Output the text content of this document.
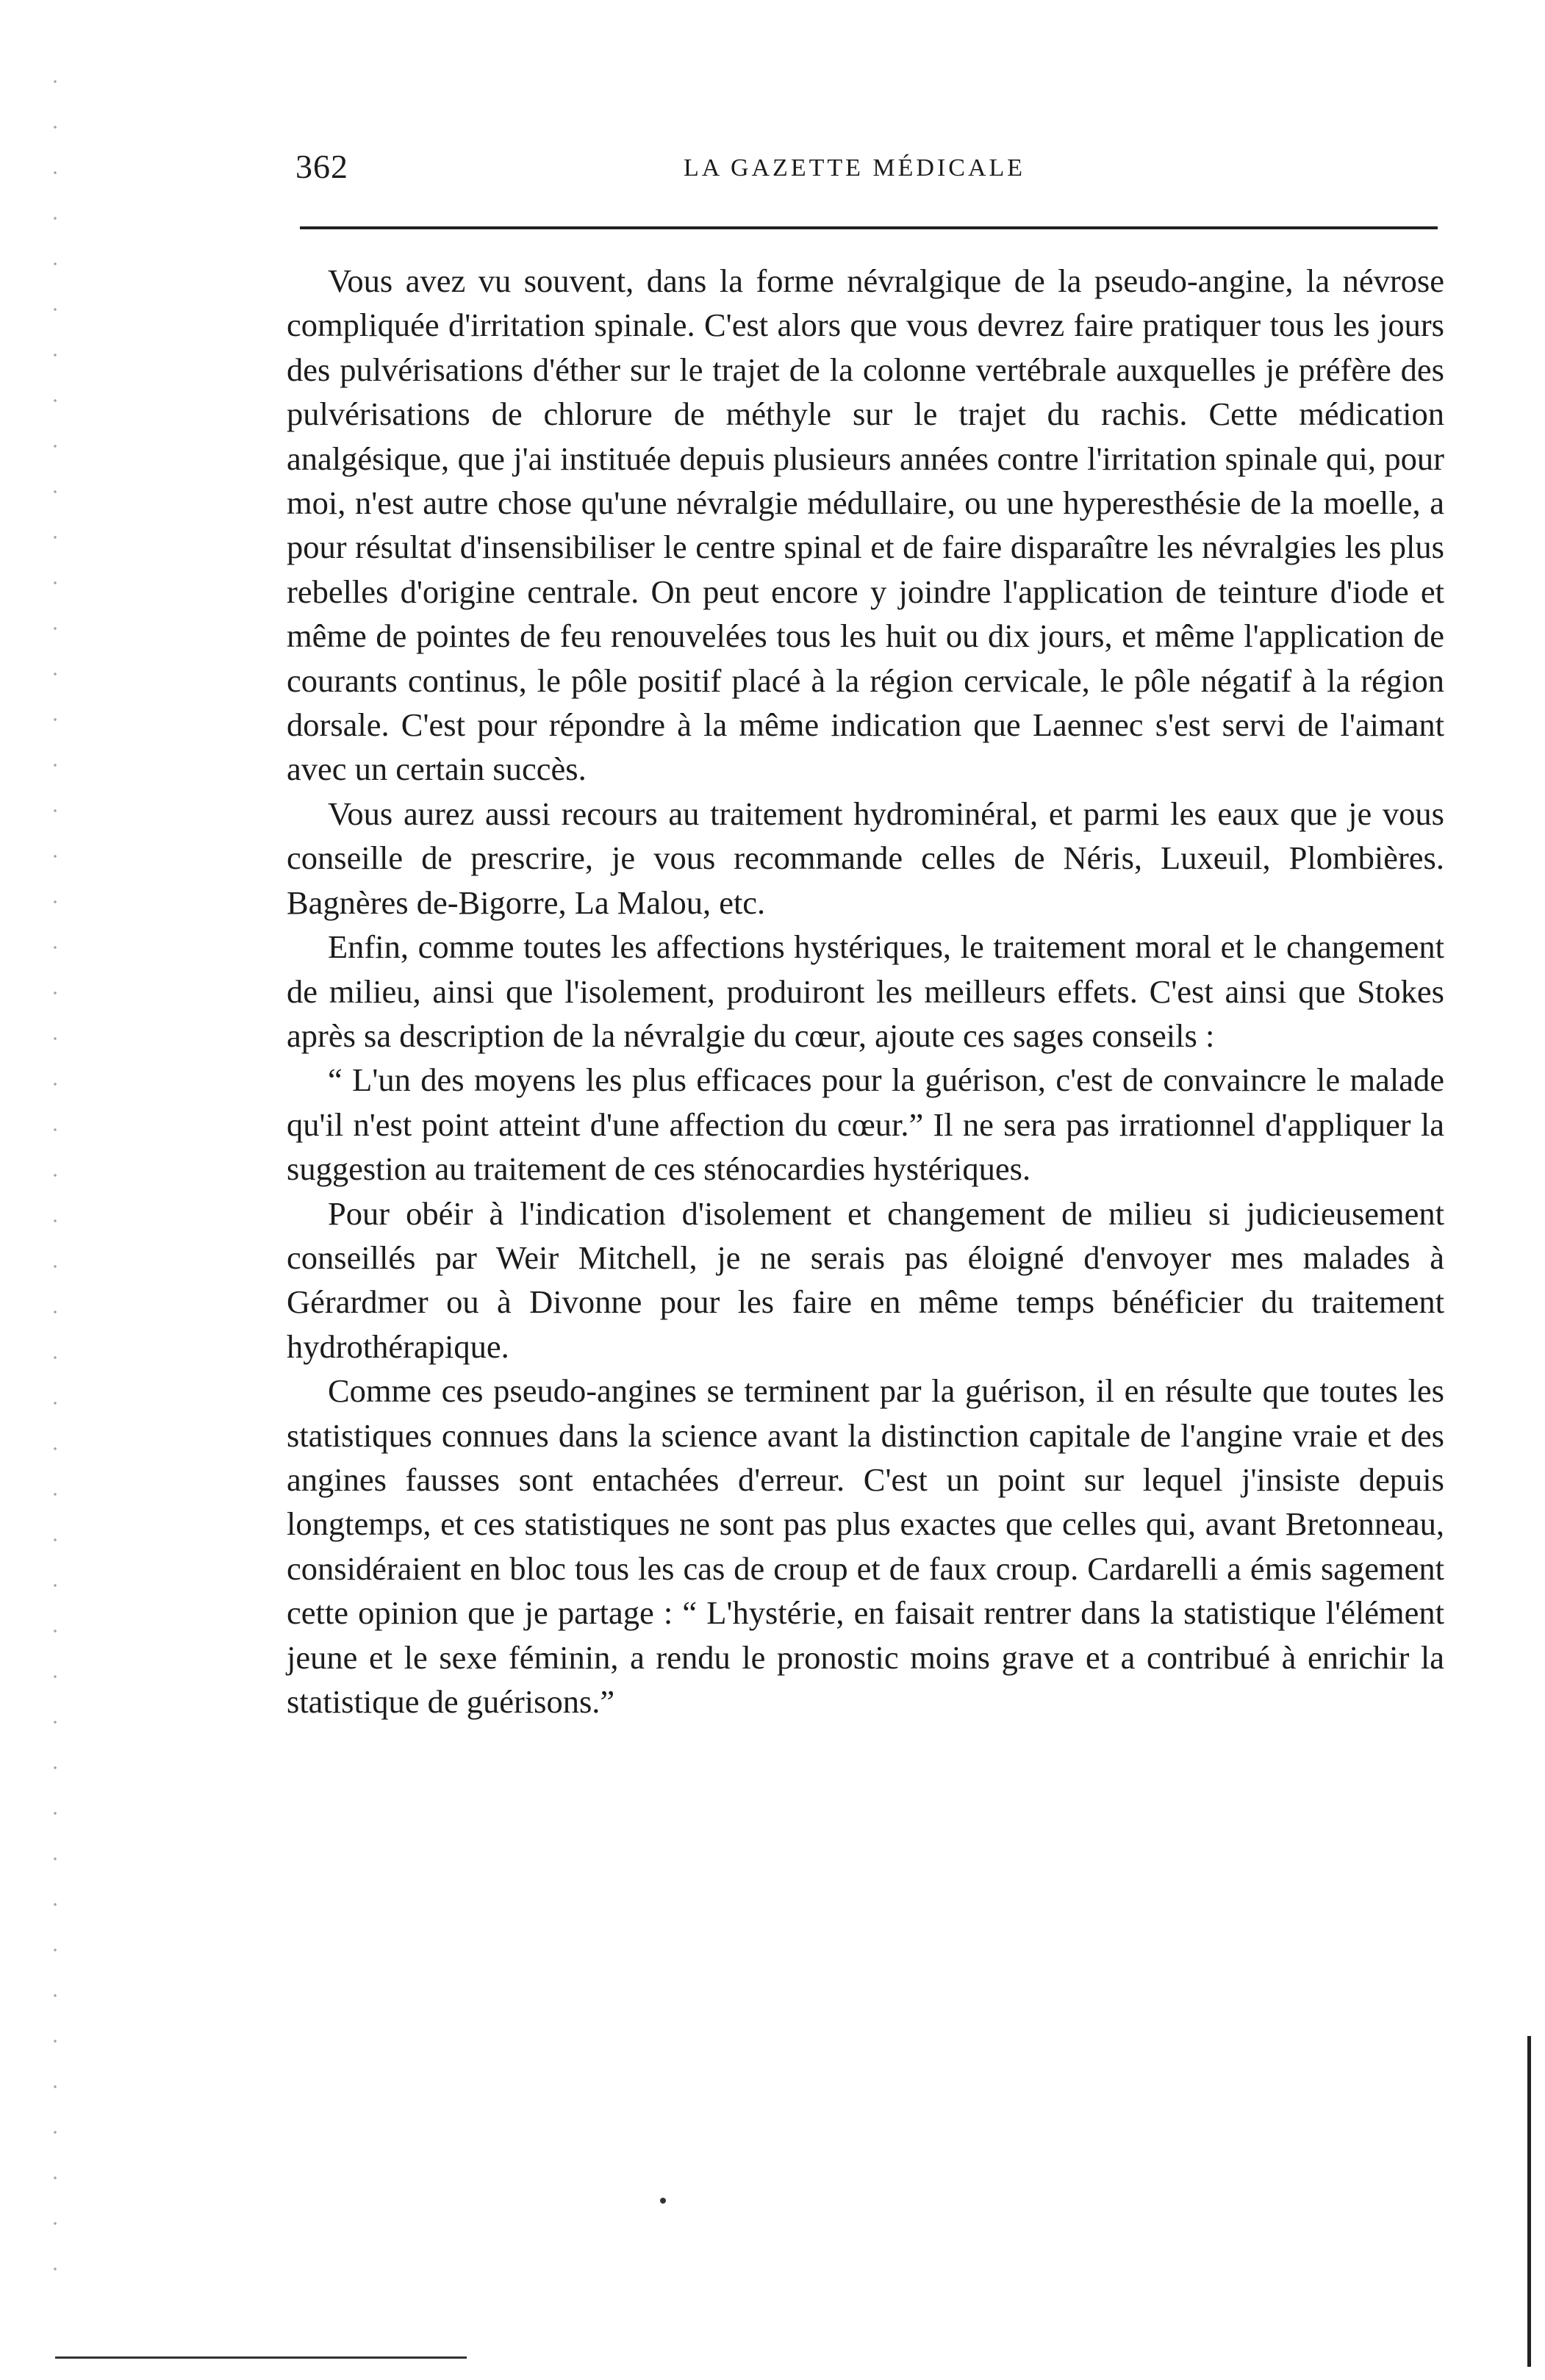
362	LA GAZETTE MÉDICALE

Vous avez vu souvent, dans la forme névralgique de la pseudo-angine, la névrose compliquée d'irritation spinale. C'est alors que vous devrez faire pratiquer tous les jours des pulvérisations d'éther sur le trajet de la colonne vertébrale auxquelles je préfère des pulvérisations de chlorure de méthyle sur le trajet du rachis. Cette médication analgésique, que j'ai instituée depuis plusieurs années contre l'irritation spinale qui, pour moi, n'est autre chose qu'une névralgie médullaire, ou une hyperesthésie de la moelle, a pour résultat d'insensibiliser le centre spinal et de faire disparaître les névralgies les plus rebelles d'origine centrale. On peut encore y joindre l'application de teinture d'iode et même de pointes de feu renouvelées tous les huit ou dix jours, et même l'application de courants continus, le pôle positif placé à la région cervicale, le pôle négatif à la région dorsale. C'est pour répondre à la même indication que Laennec s'est servi de l'aimant avec un certain succès.

Vous aurez aussi recours au traitement hydrominéral, et parmi les eaux que je vous conseille de prescrire, je vous recommande celles de Néris, Luxeuil, Plombières. Bagnères de-Bigorre, La Malou, etc.

Enfin, comme toutes les affections hystériques, le traitement moral et le changement de milieu, ainsi que l'isolement, produiront les meilleurs effets. C'est ainsi que Stokes après sa description de la névralgie du cœur, ajoute ces sages conseils :

“ L'un des moyens les plus efficaces pour la guérison, c'est de convaincre le malade qu'il n'est point atteint d'une affection du cœur.” Il ne sera pas irrationnel d'appliquer la suggestion au traitement de ces sténocardies hystériques.

Pour obéir à l'indication d'isolement et changement de milieu si judicieusement conseillés par Weir Mitchell, je ne serais pas éloigné d'envoyer mes malades à Gérardmer ou à Divonne pour les faire en même temps bénéficier du traitement hydrothérapique.

Comme ces pseudo-angines se terminent par la guérison, il en résulte que toutes les statistiques connues dans la science avant la distinction capitale de l'angine vraie et des angines fausses sont entachées d'erreur. C'est un point sur lequel j'insiste depuis longtemps, et ces statistiques ne sont pas plus exactes que celles qui, avant Bretonneau, considéraient en bloc tous les cas de croup et de faux croup. Cardarelli a émis sagement cette opinion que je partage : “ L'hystérie, en faisait rentrer dans la statistique l'élément jeune et le sexe féminin, a rendu le pronostic moins grave et a contribué à enrichir la statistique de guérisons.”
